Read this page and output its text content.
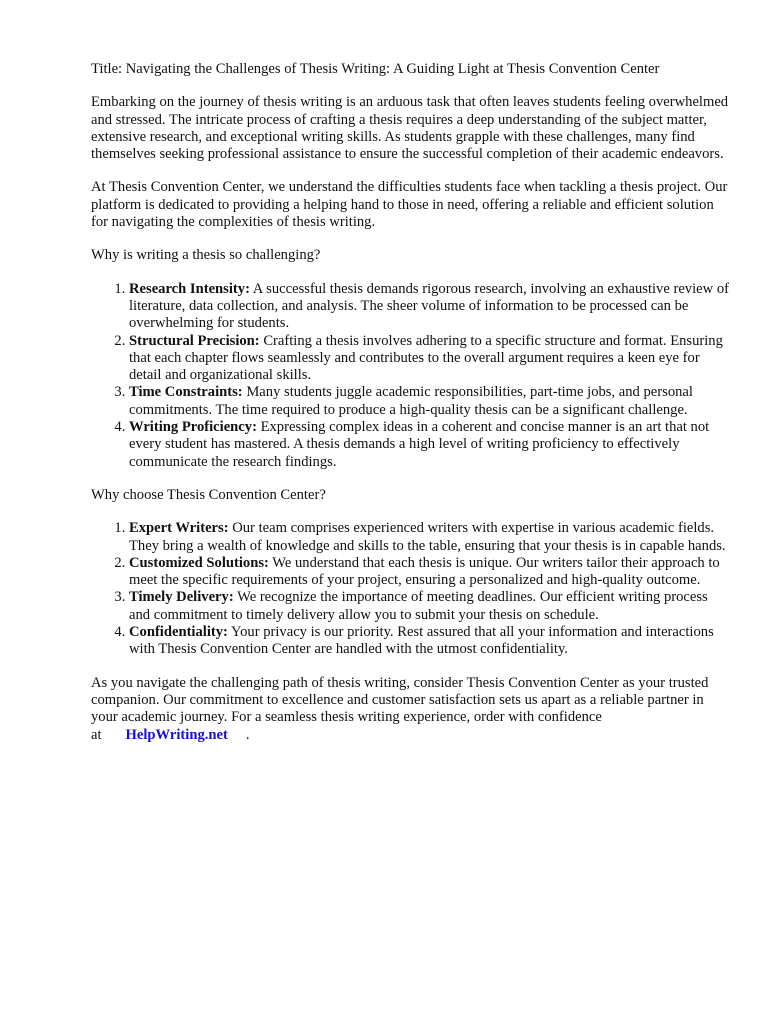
Title: Navigating the Challenges of Thesis Writing: A Guiding Light at Thesis Convention Center

Embarking on the journey of thesis writing is an arduous task that often leaves students feeling overwhelmed and stressed. The intricate process of crafting a thesis requires a deep understanding of the subject matter, extensive research, and exceptional writing skills. As students grapple with these challenges, many find themselves seeking professional assistance to ensure the successful completion of their academic endeavors.

At Thesis Convention Center, we understand the difficulties students face when tackling a thesis project. Our platform is dedicated to providing a helping hand to those in need, offering a reliable and efficient solution for navigating the complexities of thesis writing.

Why is writing a thesis so challenging?

1. Research Intensity: A successful thesis demands rigorous research, involving an exhaustive review of literature, data collection, and analysis. The sheer volume of information to be processed can be overwhelming for students.
2. Structural Precision: Crafting a thesis involves adhering to a specific structure and format. Ensuring that each chapter flows seamlessly and contributes to the overall argument requires a keen eye for detail and organizational skills.
3. Time Constraints: Many students juggle academic responsibilities, part-time jobs, and personal commitments. The time required to produce a high-quality thesis can be a significant challenge.
4. Writing Proficiency: Expressing complex ideas in a coherent and concise manner is an art that not every student has mastered. A thesis demands a high level of writing proficiency to effectively communicate the research findings.

Why choose Thesis Convention Center?

1. Expert Writers: Our team comprises experienced writers with expertise in various academic fields. They bring a wealth of knowledge and skills to the table, ensuring that your thesis is in capable hands.
2. Customized Solutions: We understand that each thesis is unique. Our writers tailor their approach to meet the specific requirements of your project, ensuring a personalized and high-quality outcome.
3. Timely Delivery: We recognize the importance of meeting deadlines. Our efficient writing process and commitment to timely delivery allow you to submit your thesis on schedule.
4. Confidentiality: Your privacy is our priority. Rest assured that all your information and interactions with Thesis Convention Center are handled with the utmost confidentiality.

As you navigate the challenging path of thesis writing, consider Thesis Convention Center as your trusted companion. Our commitment to excellence and customer satisfaction sets us apart as a reliable partner in your academic journey. For a seamless thesis writing experience, order with confidence at HelpWriting.net .
